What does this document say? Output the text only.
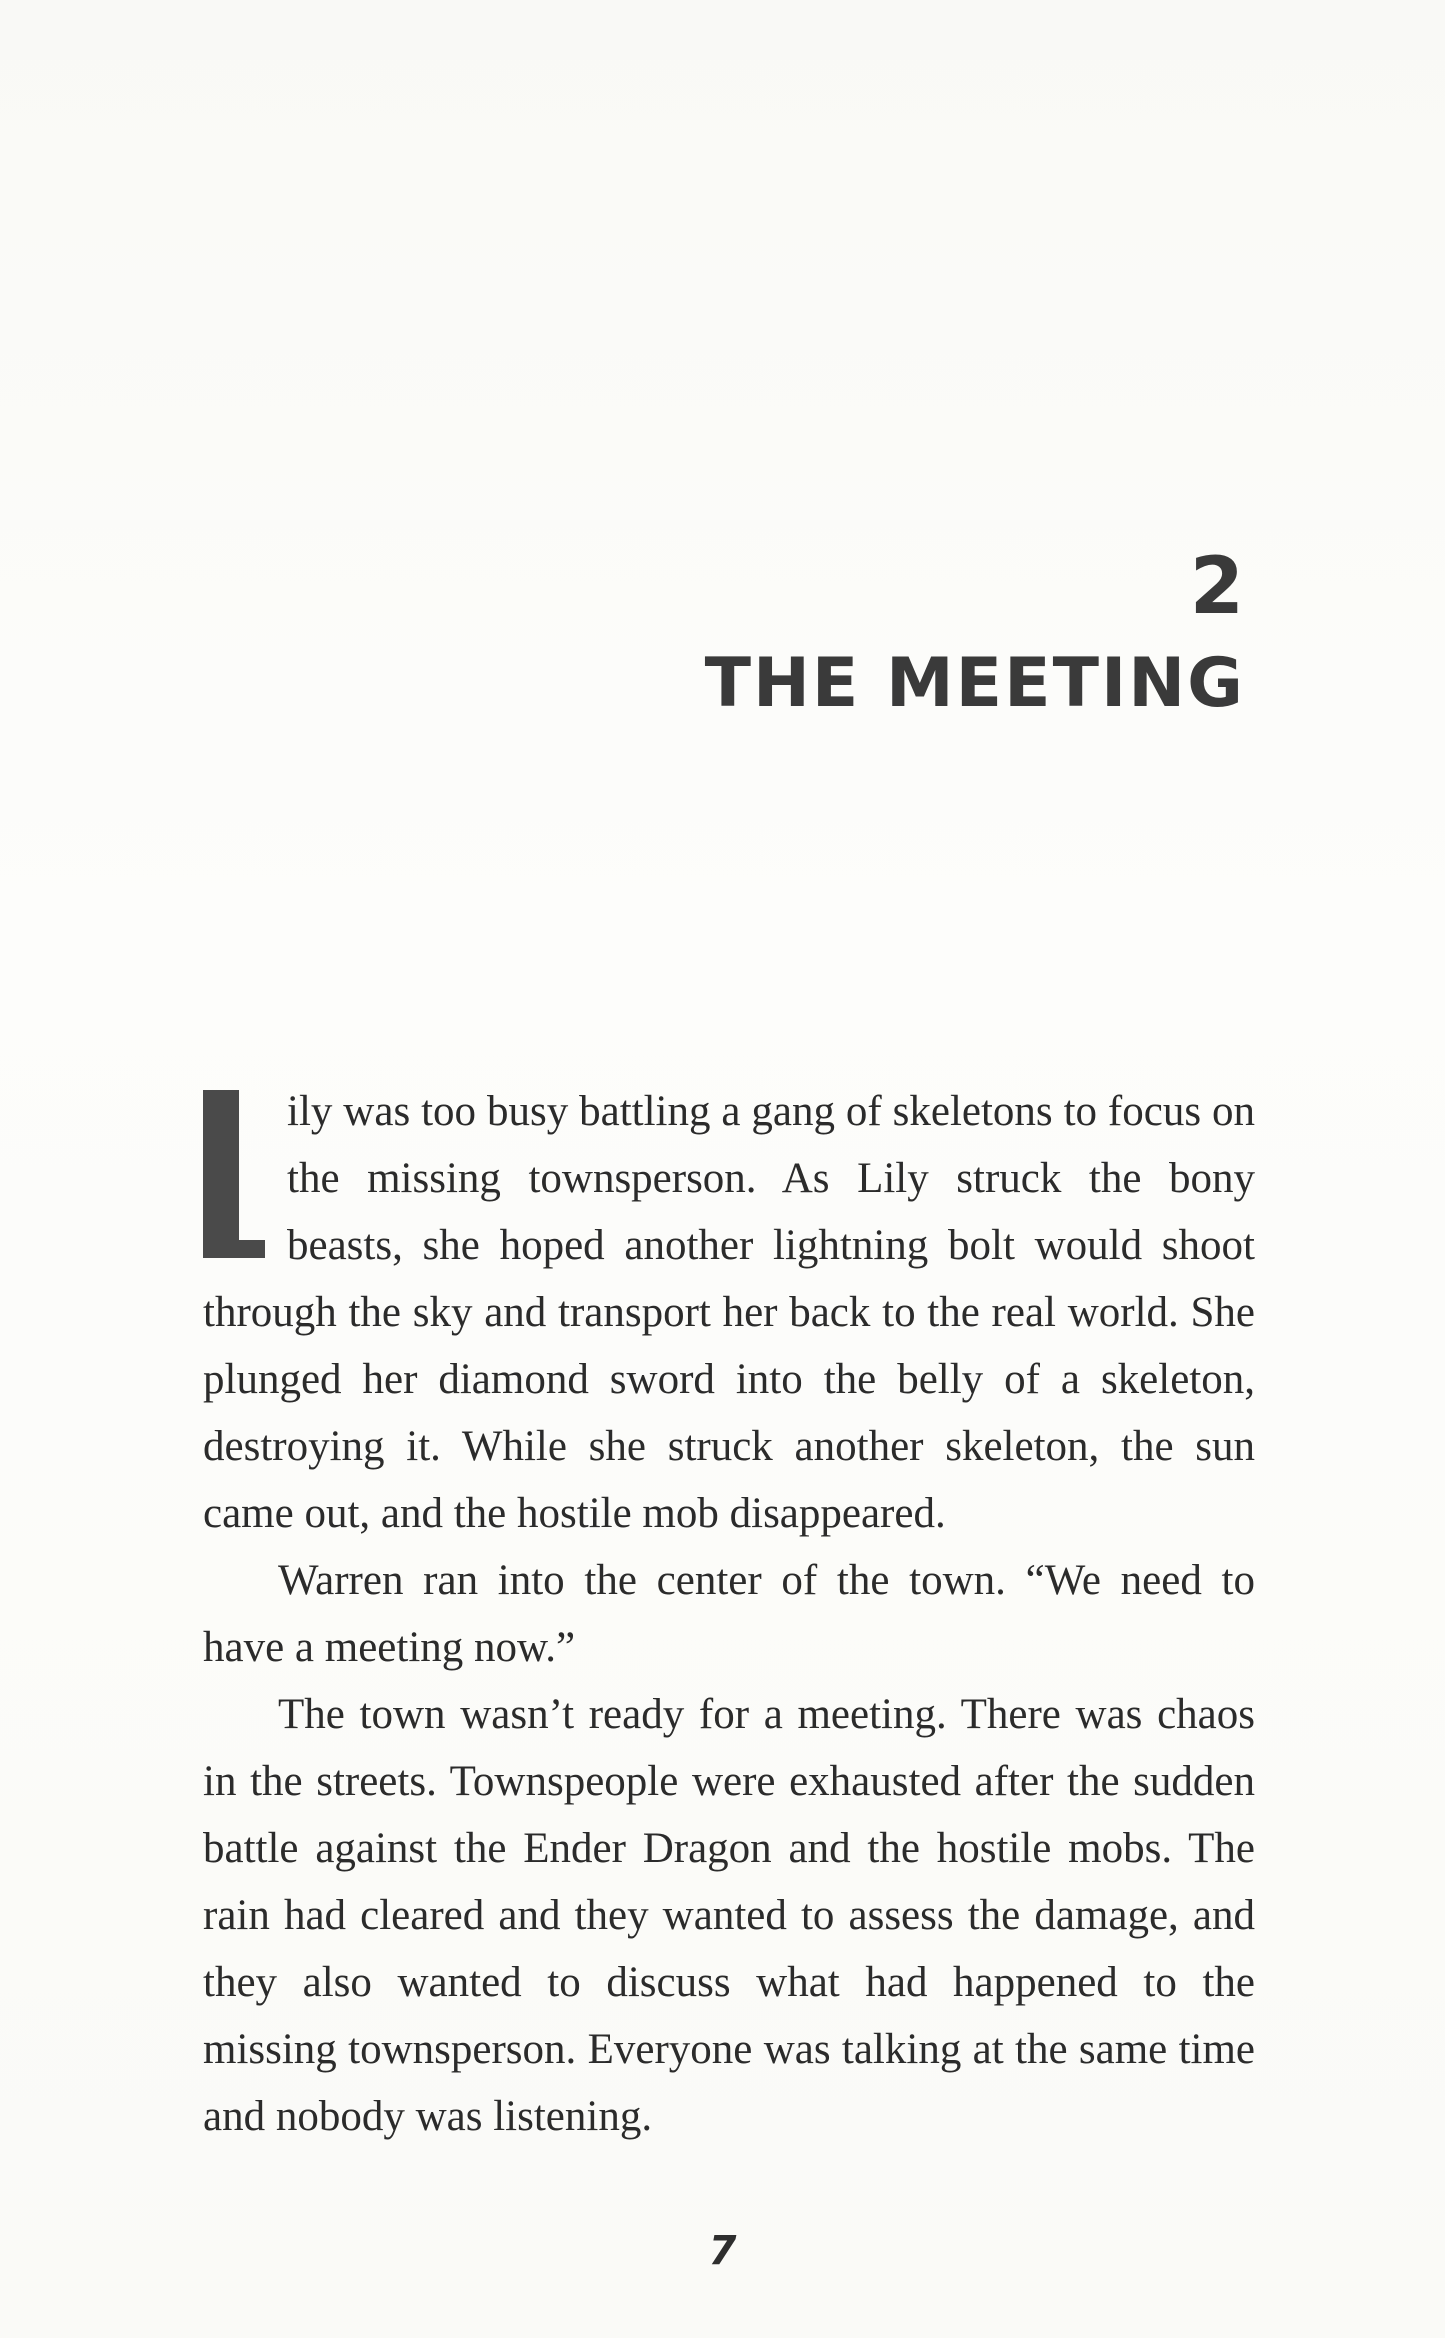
2
THE MEETING

ily was too busy battling a gang of skeletons to focus on the missing townsperson. As Lily struck the bony beasts, she hoped another lightning bolt would shoot through the sky and transport her back to the real world. She plunged her diamond sword into the belly of a skeleton, destroying it. While she struck another skeleton, the sun came out, and the hostile mob disappeared.

Warren ran into the center of the town. “We need to have a meeting now.”

The town wasn’t ready for a meeting. There was chaos in the streets. Townspeople were exhausted after the sudden battle against the Ender Dragon and the hostile mobs. The rain had cleared and they wanted to assess the damage, and they also wanted to discuss what had happened to the missing townsperson. Everyone was talking at the same time and nobody was listening.

7
